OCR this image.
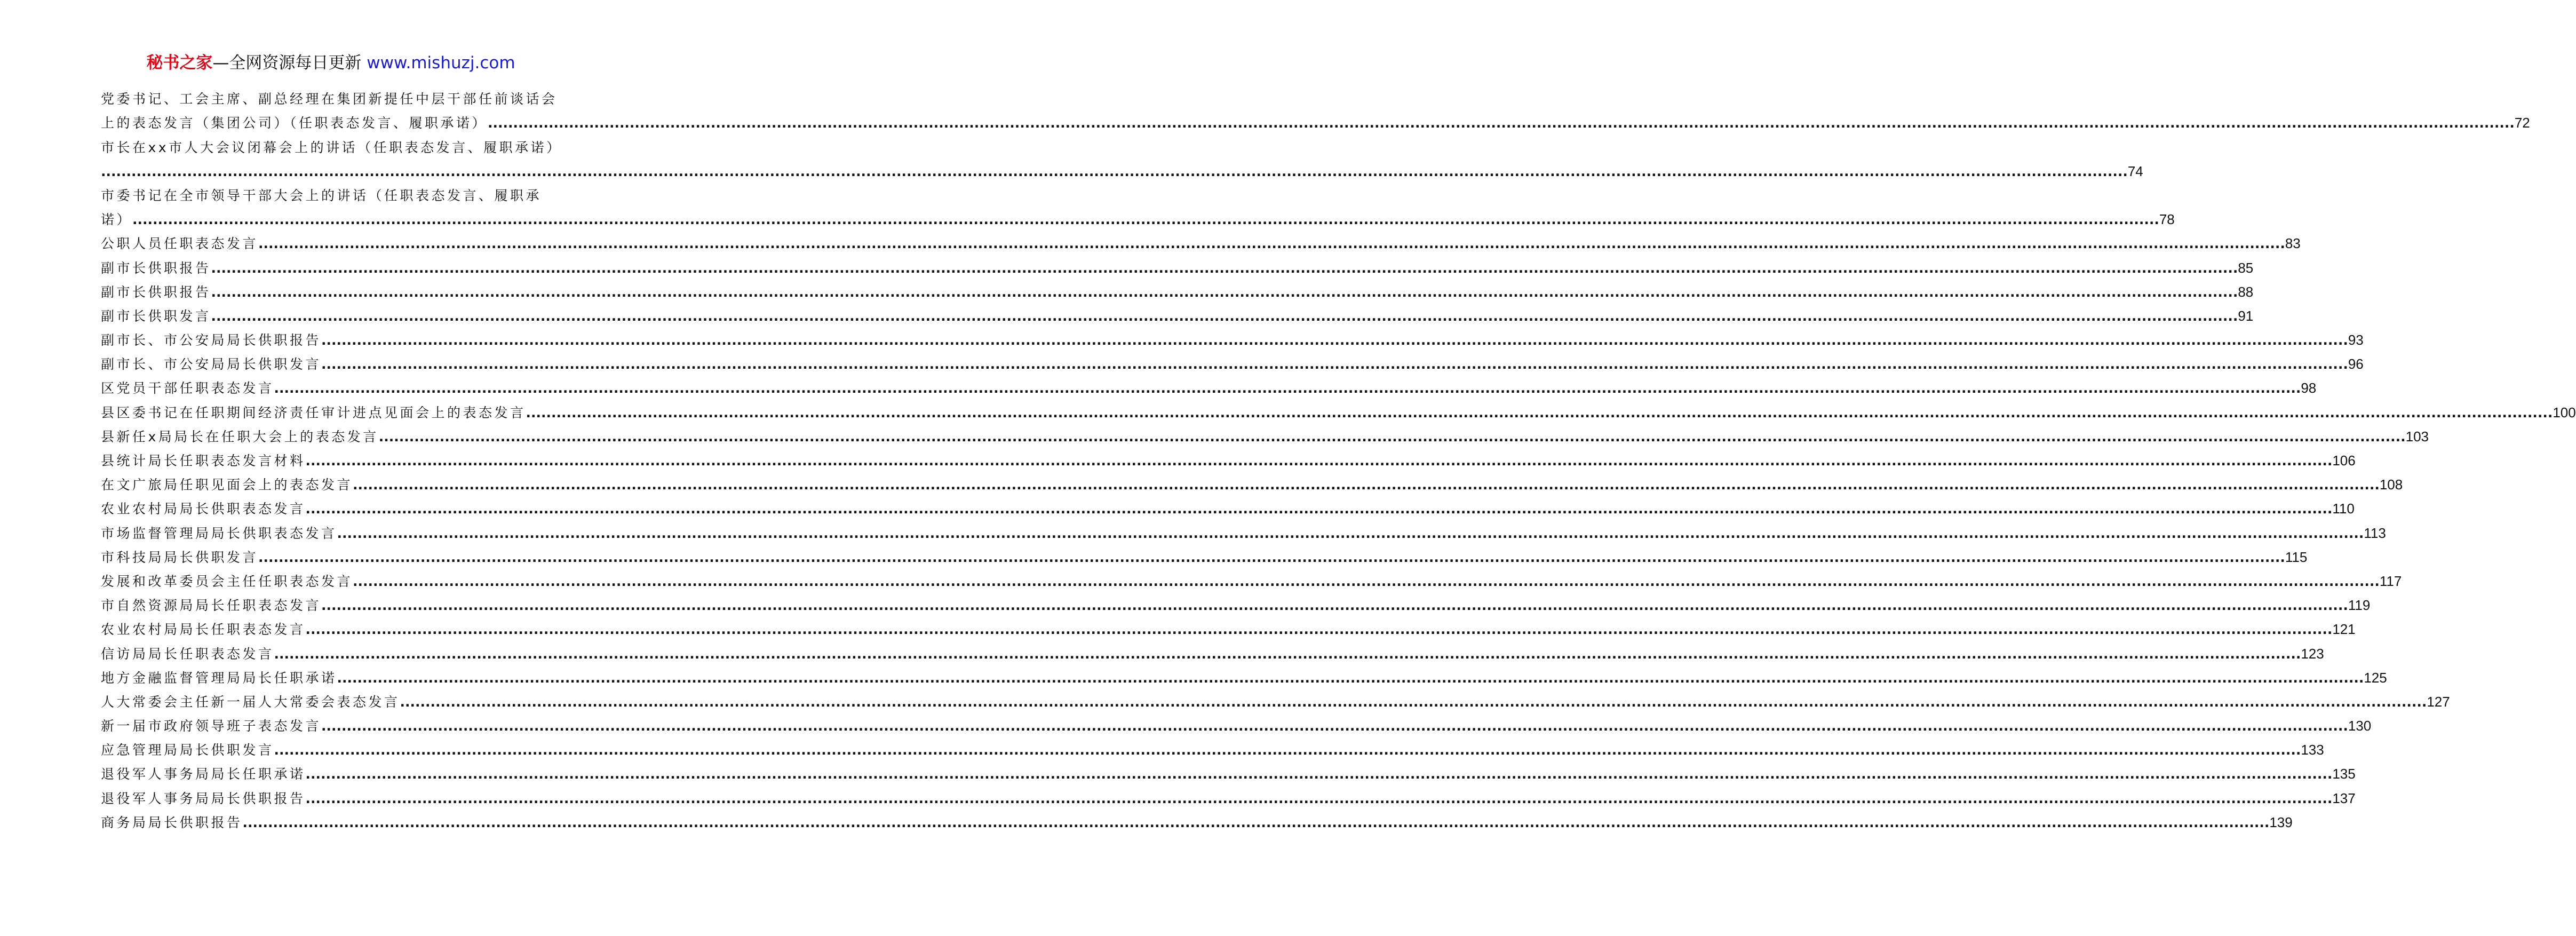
秘书之家—全网资源每日更新 www.mishuzj.com
党委书记、工会主席、副总经理在集团新提任中层干部任前谈话会
上的表态发言（集团公司）（任职表态发言、履职承诺） ................................................................................................................................................................................................................................................................................................................................................................................................................ 72
市长在xx市人大会议闭幕会上的讲话（任职表态发言、履职承诺）
................................................................................................................................................................................................................................................................................................................................................................................................................ 74
市委书记在全市领导干部大会上的讲话（任职表态发言、履职承
诺） ................................................................................................................................................................................................................................................................................................................................................................................................................ 78
公职人员任职表态发言 ................................................................................................................................................................................................................................................................................................................................................................................................................ 83
副市长供职报告 ................................................................................................................................................................................................................................................................................................................................................................................................................ 85
副市长供职报告 ................................................................................................................................................................................................................................................................................................................................................................................................................ 88
副市长供职发言 ................................................................................................................................................................................................................................................................................................................................................................................................................ 91
副市长、市公安局局长供职报告 ................................................................................................................................................................................................................................................................................................................................................................................................................ 93
副市长、市公安局局长供职发言 ................................................................................................................................................................................................................................................................................................................................................................................................................ 96
区党员干部任职表态发言 ................................................................................................................................................................................................................................................................................................................................................................................................................ 98
县区委书记在任职期间经济责任审计进点见面会上的表态发言 ................................................................................................................................................................................................................................................................................................................................................................................................................ 100
县新任x局局长在任职大会上的表态发言 ................................................................................................................................................................................................................................................................................................................................................................................................................ 103
县统计局长任职表态发言材料 ................................................................................................................................................................................................................................................................................................................................................................................................................ 106
在文广旅局任职见面会上的表态发言 ................................................................................................................................................................................................................................................................................................................................................................................................................ 108
农业农村局局长供职表态发言 ................................................................................................................................................................................................................................................................................................................................................................................................................ 110
市场监督管理局局长供职表态发言 ................................................................................................................................................................................................................................................................................................................................................................................................................ 113
市科技局局长供职发言 ................................................................................................................................................................................................................................................................................................................................................................................................................ 115
发展和改革委员会主任任职表态发言 ................................................................................................................................................................................................................................................................................................................................................................................................................ 117
市自然资源局局长任职表态发言 ................................................................................................................................................................................................................................................................................................................................................................................................................ 119
农业农村局局长任职表态发言 ................................................................................................................................................................................................................................................................................................................................................................................................................ 121
信访局局长任职表态发言 ................................................................................................................................................................................................................................................................................................................................................................................................................ 123
地方金融监督管理局局长任职承诺 ................................................................................................................................................................................................................................................................................................................................................................................................................ 125
人大常委会主任新一届人大常委会表态发言 ................................................................................................................................................................................................................................................................................................................................................................................................................ 127
新一届市政府领导班子表态发言 ................................................................................................................................................................................................................................................................................................................................................................................................................ 130
应急管理局局长供职发言 ................................................................................................................................................................................................................................................................................................................................................................................................................ 133
退役军人事务局局长任职承诺 ................................................................................................................................................................................................................................................................................................................................................................................................................ 135
退役军人事务局局长供职报告 ................................................................................................................................................................................................................................................................................................................................................................................................................ 137
商务局局长供职报告 ................................................................................................................................................................................................................................................................................................................................................................................................................ 139
